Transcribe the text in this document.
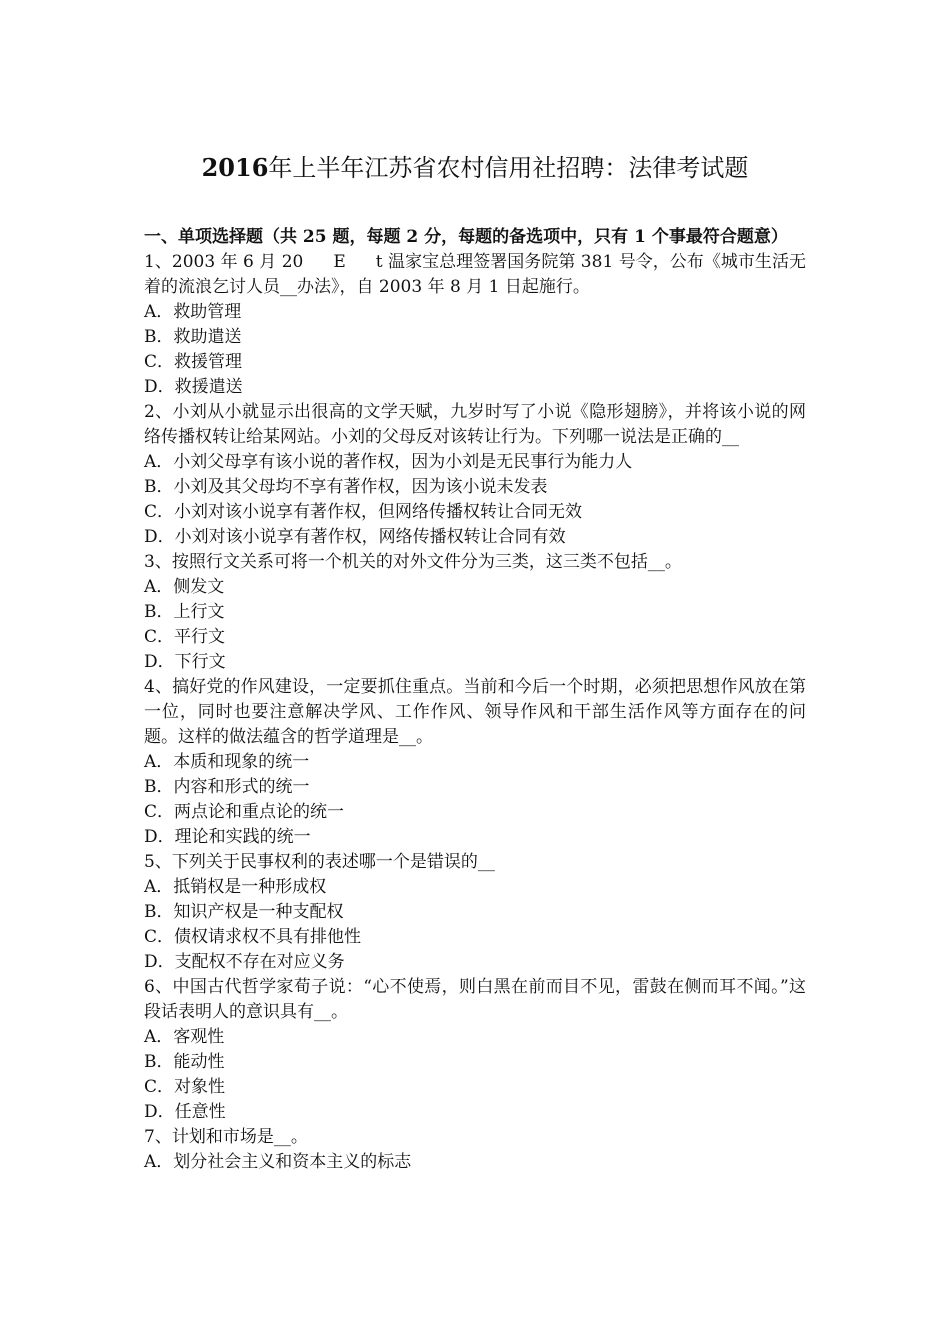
2016年上半年江苏省农村信用社招聘：法律考试题

一、单项选择题（共 25 题，每题 2 分，每题的备选项中，只有 1 个事最符合题意）

1、2003 年 6 月 20 E t 温家宝总理签署国务院第 381 号令，公布《城市生活无着的流浪乞讨人员__办法》，自 2003 年 8 月 1 日起施行。

A．救助管理

B．救助遣送

C．救援管理

D．救援遣送

2、小刘从小就显示出很高的文学天赋，九岁时写了小说《隐形翅膀》，并将该小说的网络传播权转让给某网站。小刘的父母反对该转让行为。下列哪一说法是正确的__

A．小刘父母享有该小说的著作权，因为小刘是无民事行为能力人

B．小刘及其父母均不享有著作权，因为该小说未发表

C．小刘对该小说享有著作权，但网络传播权转让合同无效

D．小刘对该小说享有著作权，网络传播权转让合同有效

3、按照行文关系可将一个机关的对外文件分为三类，这三类不包括__。

A．侧发文

B．上行文

C．平行文

D．下行文

4、搞好党的作风建设，一定要抓住重点。当前和今后一个时期，必须把思想作风放在第一位，同时也要注意解决学风、工作作风、领导作风和干部生活作风等方面存在的问题。这样的做法蕴含的哲学道理是__。

A．本质和现象的统一

B．内容和形式的统一

C．两点论和重点论的统一

D．理论和实践的统一

5、下列关于民事权利的表述哪一个是错误的__

A．抵销权是一种形成权

B．知识产权是一种支配权

C．债权请求权不具有排他性

D．支配权不存在对应义务

6、中国古代哲学家荀子说：“心不使焉，则白黑在前而目不见，雷鼓在侧而耳不闻。”这段话表明人的意识具有__。

A．客观性

B．能动性

C．对象性

D．任意性

7、计划和市场是__。

A．划分社会主义和资本主义的标志
